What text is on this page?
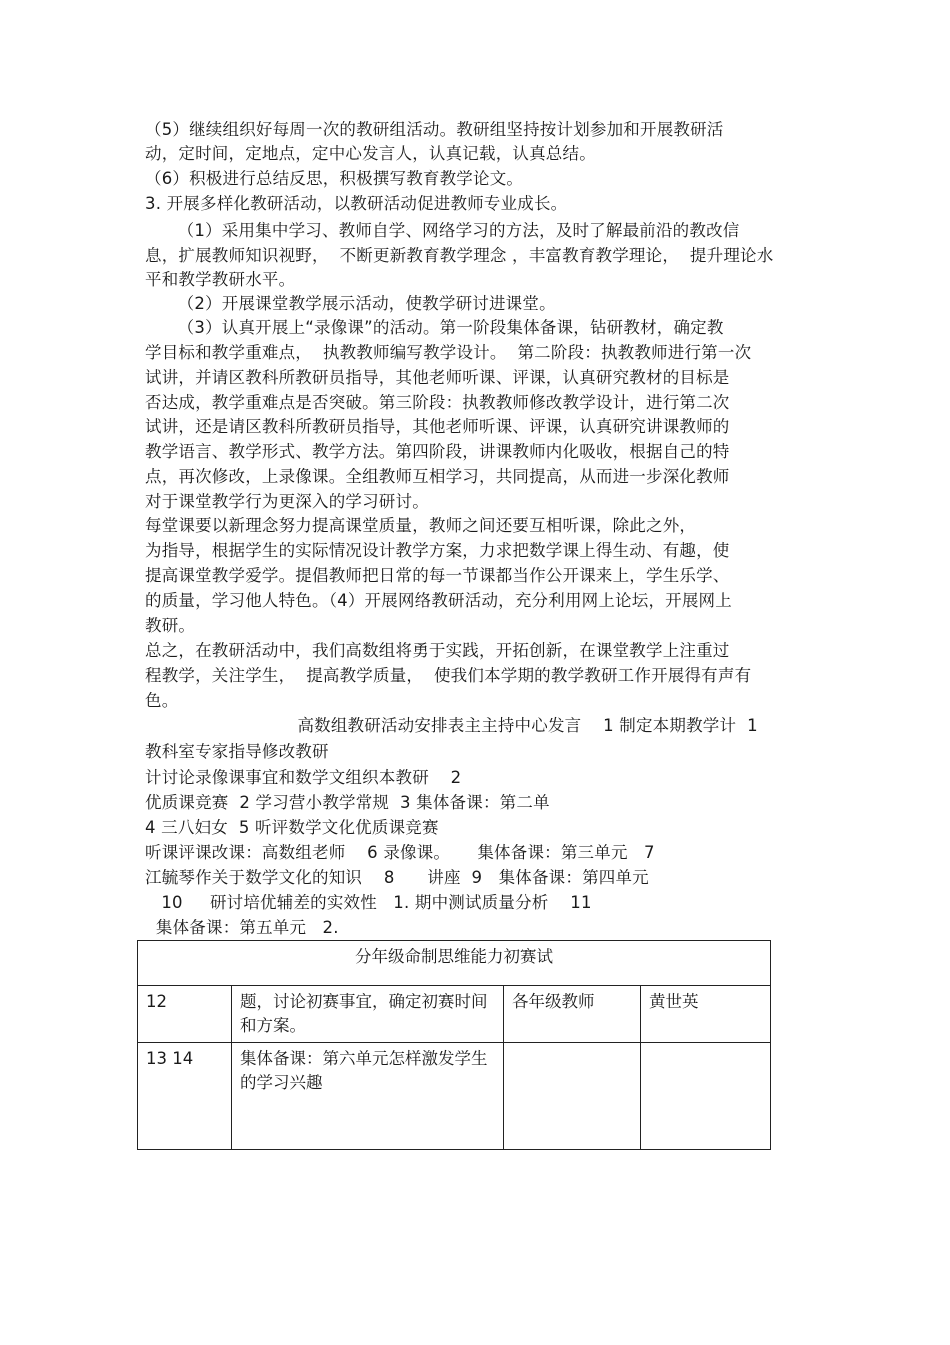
（5）继续组织好每周一次的教研组活动。教研组坚持按计划参加和开展教研活
动，定时间，定地点，定中心发言人，认真记载，认真总结。
（6）积极进行总结反思，积极撰写教育教学论文。
3. 开展多样化教研活动，以教研活动促进教师专业成长。
（1）采用集中学习、教师自学、网络学习的方法，及时了解最前沿的教改信
息，扩展教师知识视野，  不断更新教育教学理念 ，丰富教育教学理论，  提升理论水
平和教学教研水平。
（2）开展课堂教学展示活动，使教学研讨进课堂。
（3）认真开展上“录像课”的活动。第一阶段集体备课，钻研教材，确定教
学目标和教学重难点，  执教教师编写教学设计。  第二阶段：执教教师进行第一次
试讲，并请区教科所教研员指导，其他老师听课、评课，认真研究教材的目标是
否达成，教学重难点是否突破。第三阶段：执教教师修改教学设计，进行第二次
试讲，还是请区教科所教研员指导，其他老师听课、评课，认真研究讲课教师的
教学语言、教学形式、教学方法。第四阶段，讲课教师内化吸收，根据自己的特
点，再次修改，上录像课。全组教师互相学习，共同提高，从而进一步深化教师
对于课堂教学行为更深入的学习研讨。
每堂课要以新理念努力提高课堂质量，教师之间还要互相听课，除此之外，
为指导，根据学生的实际情况设计教学方案，力求把数学课上得生动、有趣，使
提高课堂教学爱学。提倡教师把日常的每一节课都当作公开课来上，学生乐学、
的质量，学习他人特色。（4）开展网络教研活动，充分利用网上论坛，开展网上
教研。
总之，在教研活动中，我们高数组将勇于实践，开拓创新，在课堂教学上注重过
程教学，关注学生，  提高教学质量，  使我们本学期的教学教研工作开展得有声有
色。
高数组教研活动安排表主主持中心发言    1 制定本期教学计  1
教科室专家指导修改教研
计讨论录像课事宜和数学文组织本教研    2
优质课竞赛  2 学习营小教学常规  3 集体备课：第二单
4 三八妇女  5 听评数学文化优质课竞赛
听课评课改课：高数组老师    6 录像课。     集体备课：第三单元   7
江毓琴作关于数学文化的知识    8      讲座  9   集体备课：第四单元
10     研讨培优辅差的实效性   1. 期中测试质量分析    11
集体备课：第五单元   2.
分年级命制思维能力初赛试			
12	题，讨论初赛事宜，确定初赛时间和方案。	各年级教师	黄世英
13 14	集体备课：第六单元怎样激发学生的学习兴趣		
